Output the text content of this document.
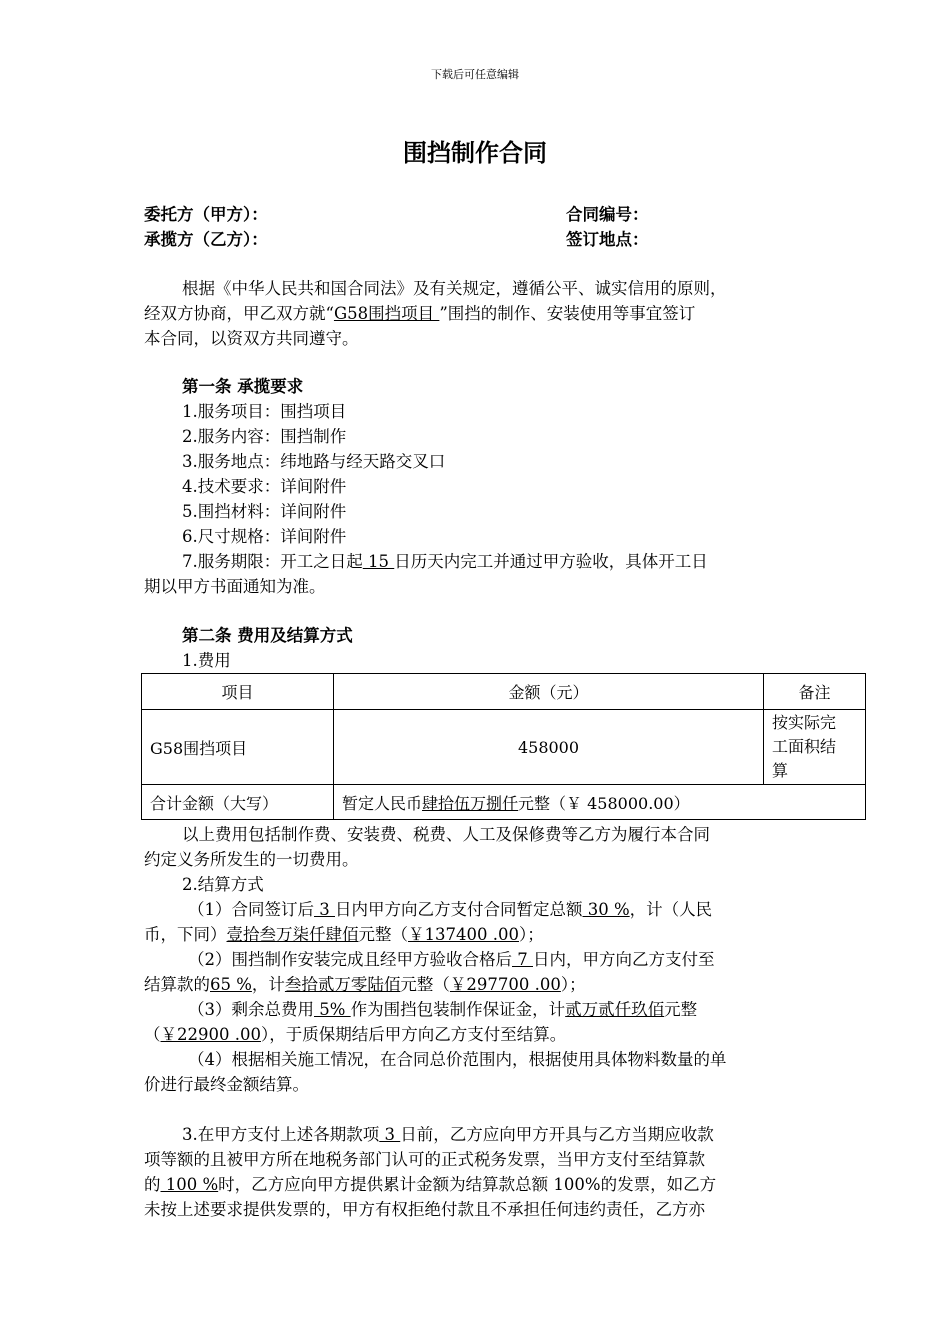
下载后可任意编辑
围挡制作合同
委托方（甲方）：	合同编号：
承揽方（乙方）：	签订地点：
根据《中华人民共和国合同法》及有关规定，遵循公平、诚实信用的原则，
经双方协商，甲乙双方就“G58围挡项目 ”围挡的制作、安装使用等事宜签订
本合同，以资双方共同遵守。
第一条 承揽要求
1.服务项目：围挡项目
2.服务内容：围挡制作
3.服务地点：纬地路与经天路交叉口
4.技术要求：详间附件
5.围挡材料：详间附件
6.尺寸规格：详间附件
7.服务期限：开工之日起 15 日历天内完工并通过甲方验收，具体开工日
期以甲方书面通知为准。
第二条 费用及结算方式
1.费用
项目	金额（元）	备注
G58围挡项目	458000	按实际完
工面积结
算

合计金额（大写）	暂定人民币肆拾伍万捌仟元整（￥ 458000.00）	
以上费用包括制作费、安装费、税费、人工及保修费等乙方为履行本合同
约定义务所发生的一切费用。
2.结算方式
（1）合同签订后 3 日内甲方向乙方支付合同暂定总额 30 %，计（人民
币，下同）壹拾叁万柒仟肆佰元整（￥137400 .00）；
（2）围挡制作安装完成且经甲方验收合格后 7 日内，甲方向乙方支付至
结算款的65 %，计叁拾贰万零陆佰元整（￥297700 .00）；
（3）剩余总费用 5% 作为围挡包装制作保证金，计贰万贰仟玖佰元整
（￥22900 .00），于质保期结后甲方向乙方支付至结算。
（4）根据相关施工情况，在合同总价范围内，根据使用具体物料数量的单
价进行最终金额结算。
3.在甲方支付上述各期款项 3 日前，乙方应向甲方开具与乙方当期应收款
项等额的且被甲方所在地税务部门认可的正式税务发票，当甲方支付至结算款
的 100 %时，乙方应向甲方提供累计金额为结算款总额 100%的发票，如乙方
未按上述要求提供发票的，甲方有权拒绝付款且不承担任何违约责任，乙方亦
